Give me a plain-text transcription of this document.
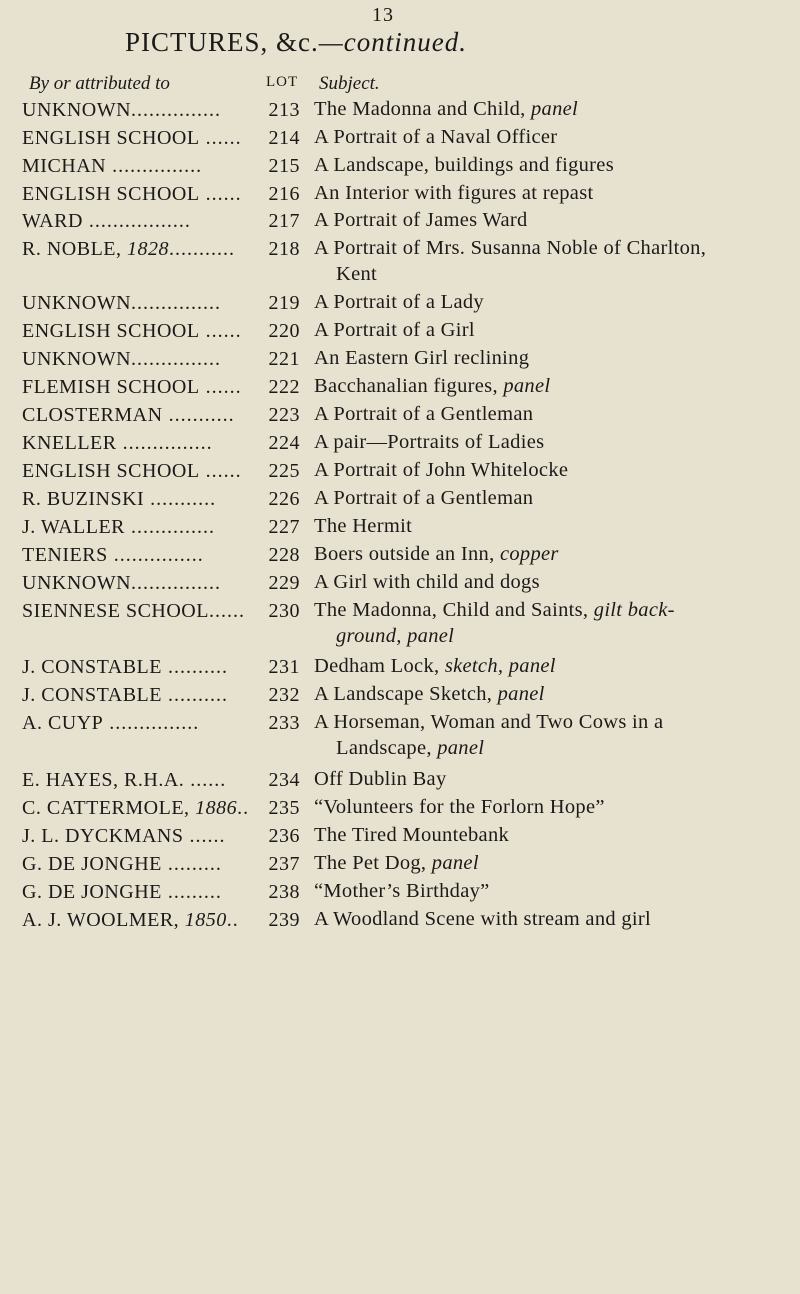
13
PICTURES, &c.—continued.
By or attributed to	LOT Subject.
UNKNOWN............... 213 The Madonna and Child, panel
ENGLISH SCHOOL ...... 214 A Portrait of a Naval Officer
MICHAN ...............	215 A Landscape, buildings and figures
ENGLISH SCHOOL ...... 216 An Interior with figures at repast
WARD .................	217 A Portrait of James Ward
R. NOBLE, 1828........... 218 A Portrait of Mrs. Susanna Noble of Charlton,
Kent
UNKNOWN............... 219 A Portrait of a Lady
ENGLISH SCHOOL ...... 220 A Portrait of a Girl
UNKNOWN............... 221 An Eastern Girl reclining
FLEMISH SCHOOL ...... 222 Bacchanalian figures, panel
CLOSTERMAN ........... 223 A Portrait of a Gentleman
KNELLER ...............	224 A pair—Portraits of Ladies
ENGLISH SCHOOL ...... 225 A Portrait of John Whitelocke
R. BUZINSKI ...........	226 A Portrait of a Gentleman
J. WALLER ..............	227 The Hermit
TENIERS ...............	228 Boers outside an Inn, copper
UNKNOWN............... 229 A Girl with child and dogs
SIENNESE SCHOOL...... 230 The Madonna, Child and Saints, gilt back-
ground, panel
J. CONSTABLE .......... 231 Dedham Lock, sketch, panel
J. CONSTABLE .......... 232 A Landscape Sketch, panel
A. CUYP ...............	233 A Horseman, Woman and Two Cows in a
Landscape, panel
E. HAYES, R.H.A. ...... 234 Off Dublin Bay
C. CATTERMOLE, 1886.. 235 “Volunteers for the Forlorn Hope”
J. L. DYCKMANS ...... 236 The Tired Mountebank
G. DE JONGHE ......... 237 The Pet Dog, panel
G. DE JONGHE ......... 238 “Mother’s Birthday”
A. J. WOOLMER, 1850.. 239 A Woodland Scene with stream and girl
